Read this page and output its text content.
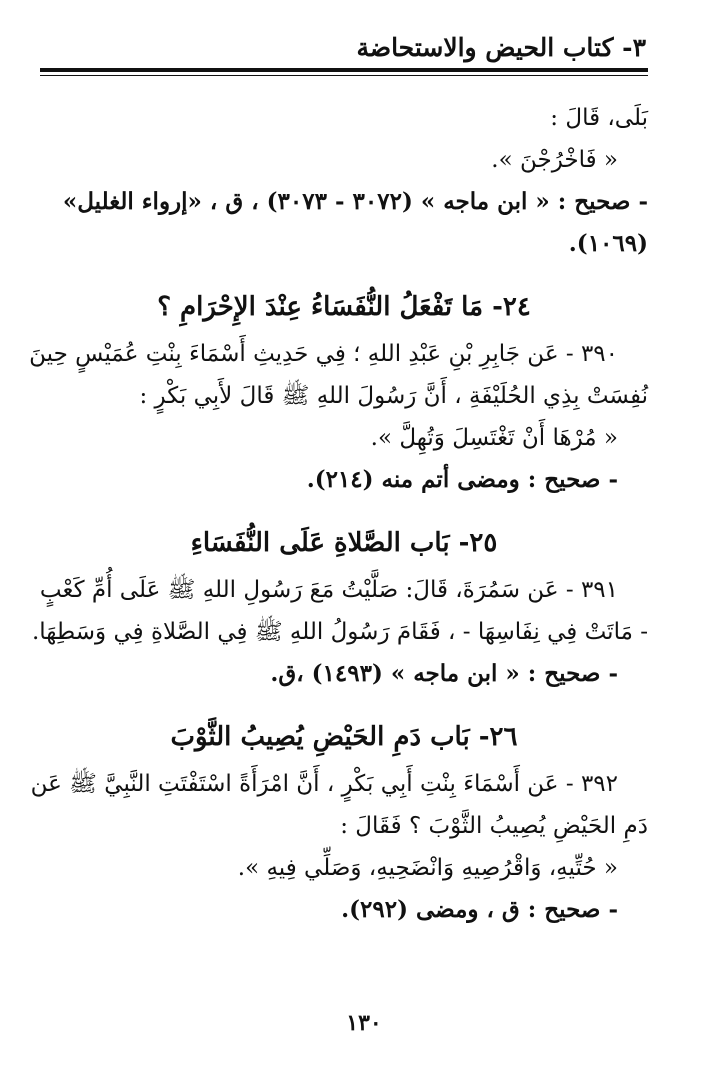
٣- كتاب الحيض والاستحاضة

بَلَى، قَالَ :

« فَاخْرُجْنَ ».

- صحيح : « ابن ماجه » (٣٠٧٢ - ٣٠٧٣) ، ق ، «إرواء الغليل»

(١٠٦٩).

٢٤- مَا تَفْعَلُ النُّفَسَاءُ عِنْدَ الإِحْرَامِ ؟

٣٩٠ - عَن جَابِرِ بْنِ عَبْدِ اللهِ ؛ فِي حَدِيثِ أَسْمَاءَ بِنْتِ عُمَيْسٍ حِينَ

نُفِسَتْ بِذِي الحُلَيْفَةِ ، أَنَّ رَسُولَ اللهِ ﷺ قَالَ لأَبِي بَكْرٍ :

« مُرْهَا أَنْ تَغْتَسِلَ وَتُهِلَّ ».

- صحيح : ومضى أتم منه (٢١٤).

٢٥- بَاب الصَّلاةِ عَلَى النُّفَسَاءِ

٣٩١ - عَن سَمُرَةَ، قَالَ: صَلَّيْتُ مَعَ رَسُولِ اللهِ ﷺ عَلَى أُمِّ كَعْبٍ

- مَاتَتْ فِي نِفَاسِهَا - ، فَقَامَ رَسُولُ اللهِ ﷺ فِي الصَّلاةِ فِي وَسَطِهَا.

- صحيح : « ابن ماجه » (١٤٩٣) ،ق.

٢٦- بَاب دَمِ الحَيْضِ يُصِيبُ الثَّوْبَ

٣٩٢ - عَن أَسْمَاءَ بِنْتِ أَبِي بَكْرٍ ، أَنَّ امْرَأَةً اسْتَفْتَتِ النَّبِيَّ ﷺ عَن

دَمِ الحَيْضِ يُصِيبُ الثَّوْبَ ؟ فَقَالَ :

« حُتِّيهِ، وَاقْرُصِيهِ وَانْضَحِيهِ، وَصَلِّي فِيهِ ».

- صحيح : ق ، ومضى (٢٩٢).

١٣٠
